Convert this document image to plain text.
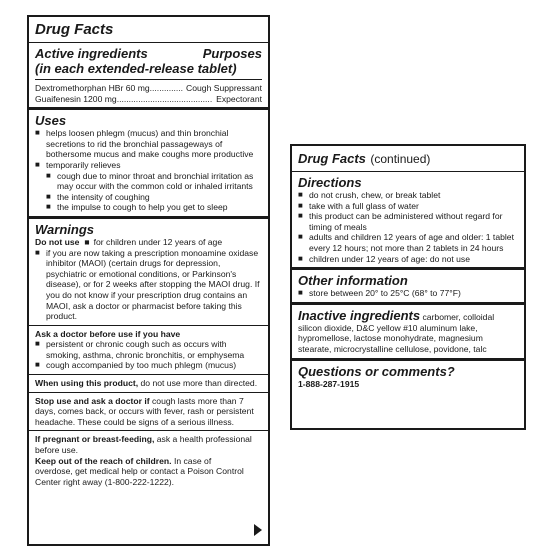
Drug Facts
Active ingredients	Purposes
(in each extended-release tablet)
Dextromethorphan HBr 60 mg .............. Cough Suppressant
Guaifenesin 1200 mg ........................................ Expectorant
Uses
■ helps loosen phlegm (mucus) and thin bronchial secretions to rid the bronchial passageways of bothersome mucus and make coughs more productive
■ temporarily relieves
■ cough due to minor throat and bronchial irritation as may occur with the common cold or inhaled irritants
■ the intensity of coughing
■ the impulse to cough to help you get to sleep
Warnings
Do not use ■ for children under 12 years of age
■ if you are now taking a prescription monoamine oxidase inhibitor (MAOI) (certain drugs for depression, psychiatric or emotional conditions, or Parkinson's disease), or for 2 weeks after stopping the MAOI drug. If you do not know if your prescription drug contains an MAOI, ask a doctor or pharmacist before taking this product.
Ask a doctor before use if you have
■ persistent or chronic cough such as occurs with smoking, asthma, chronic bronchitis, or emphysema
■ cough accompanied by too much phlegm (mucus)
When using this product, do not use more than directed.
Stop use and ask a doctor if cough lasts more than 7 days, comes back, or occurs with fever, rash or persistent headache. These could be signs of a serious illness.
If pregnant or breast-feeding, ask a health professional before use.
Keep out of the reach of children. In case of overdose, get medical help or contact a Poison Control Center right away (1-800-222-1222).
Drug Facts (continued)
Directions
■ do not crush, chew, or break tablet
■ take with a full glass of water
■ this product can be administered without regard for timing of meals
■ adults and children 12 years of age and older: 1 tablet every 12 hours; not more than 2 tablets in 24 hours
■ children under 12 years of age: do not use
Other information
■ store between 20° to 25°C (68° to 77°F)
Inactive ingredients carbomer, colloidal silicon dioxide, D&C yellow #10 aluminum lake, hypromellose, lactose monohydrate, magnesium stearate, microcrystalline cellulose, povidone, talc
Questions or comments?
1-888-287-1915
